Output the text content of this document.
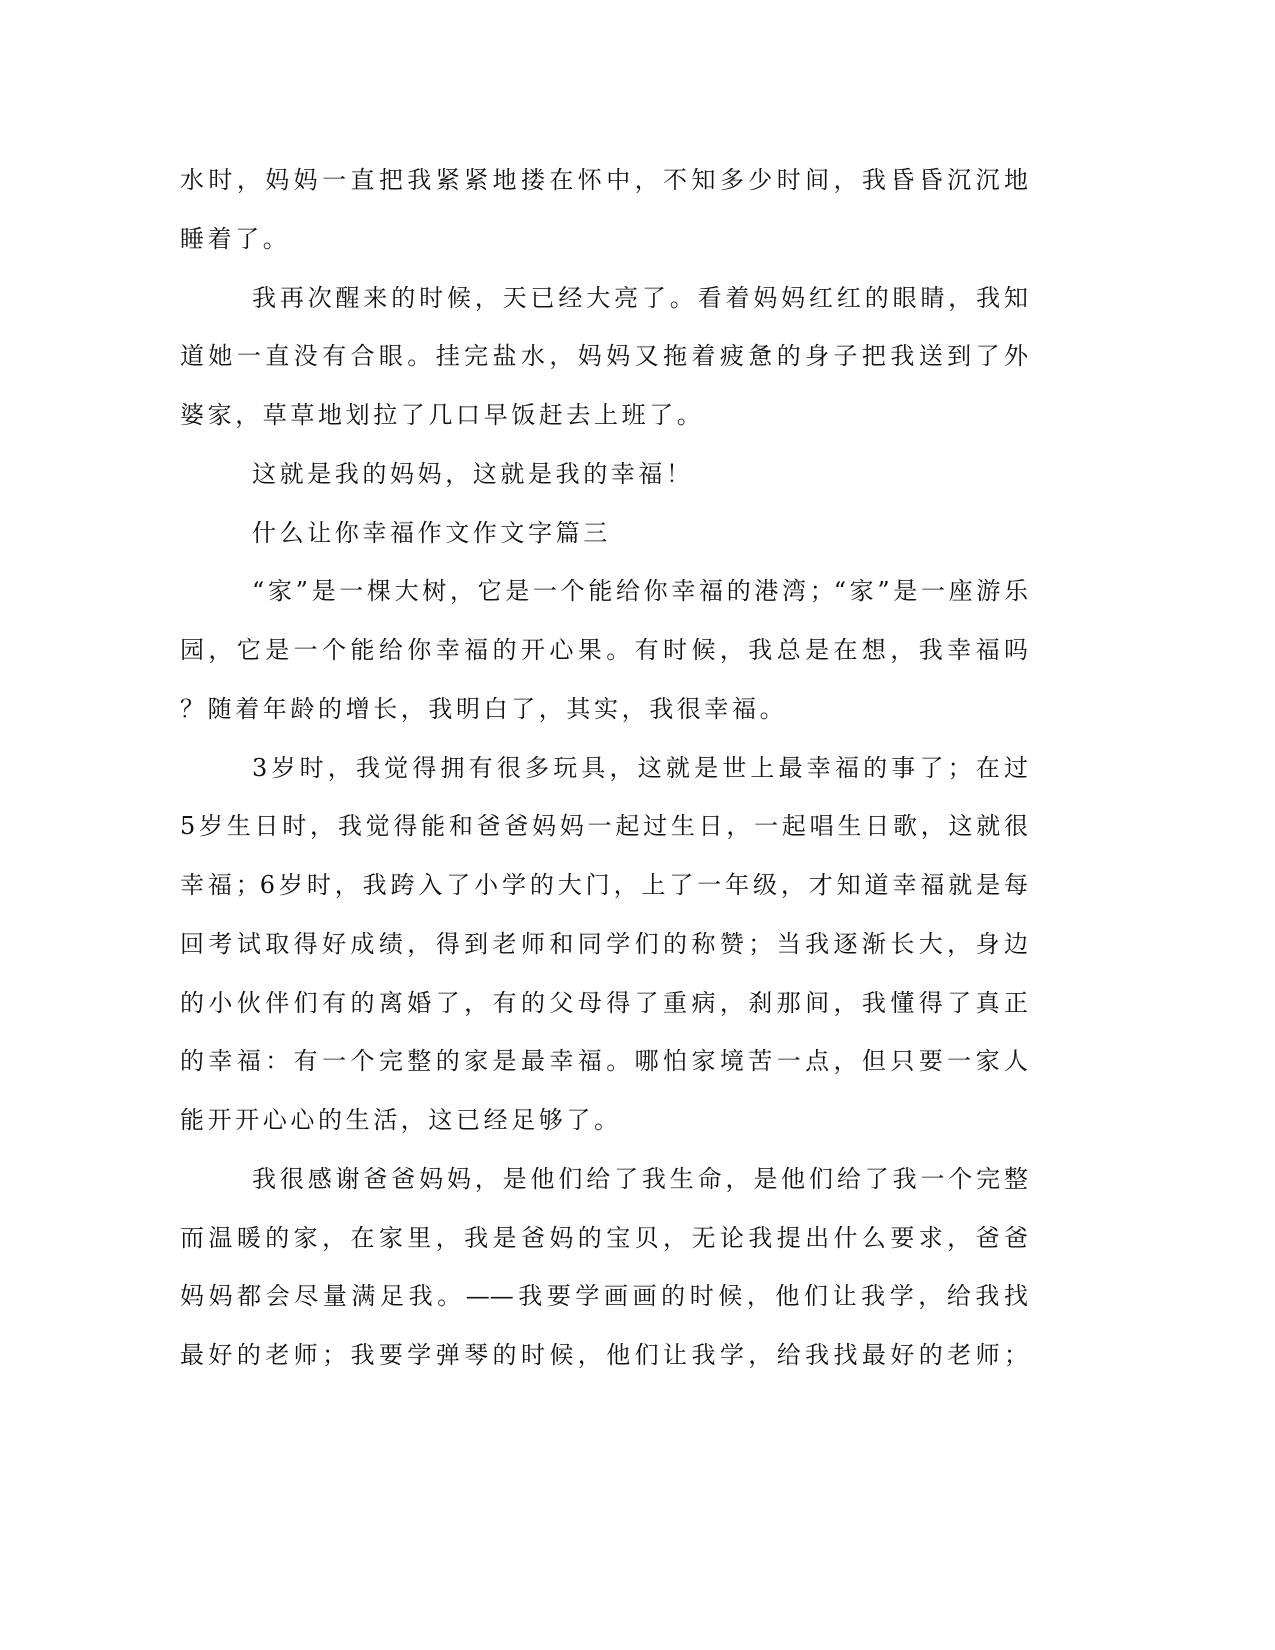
水时，妈妈一直把我紧紧地搂在怀中，不知多少时间，我昏昏沉沉地
睡着了。
我再次醒来的时候，天已经大亮了。看着妈妈红红的眼睛，我知
道她一直没有合眼。挂完盐水，妈妈又拖着疲惫的身子把我送到了外
婆家，草草地划拉了几口早饭赶去上班了。
这就是我的妈妈，这就是我的幸福！
什么让你幸福作文作文字篇三
“家”是一棵大树，它是一个能给你幸福的港湾；“家”是一座游乐
园，它是一个能给你幸福的开心果。有时候，我总是在想，我幸福吗
？随着年龄的增长，我明白了，其实，我很幸福。
3岁时，我觉得拥有很多玩具，这就是世上最幸福的事了；在过
5岁生日时，我觉得能和爸爸妈妈一起过生日，一起唱生日歌，这就很
幸福；6岁时，我跨入了小学的大门，上了一年级，才知道幸福就是每
回考试取得好成绩，得到老师和同学们的称赞；当我逐渐长大，身边
的小伙伴们有的离婚了，有的父母得了重病，刹那间，我懂得了真正
的幸福：有一个完整的家是最幸福。哪怕家境苦一点，但只要一家人
能开开心心的生活，这已经足够了。
我很感谢爸爸妈妈，是他们给了我生命，是他们给了我一个完整
而温暖的家，在家里，我是爸妈的宝贝，无论我提出什么要求，爸爸
妈妈都会尽量满足我。——我要学画画的时候，他们让我学，给我找
最好的老师；我要学弹琴的时候，他们让我学，给我找最好的老师；
